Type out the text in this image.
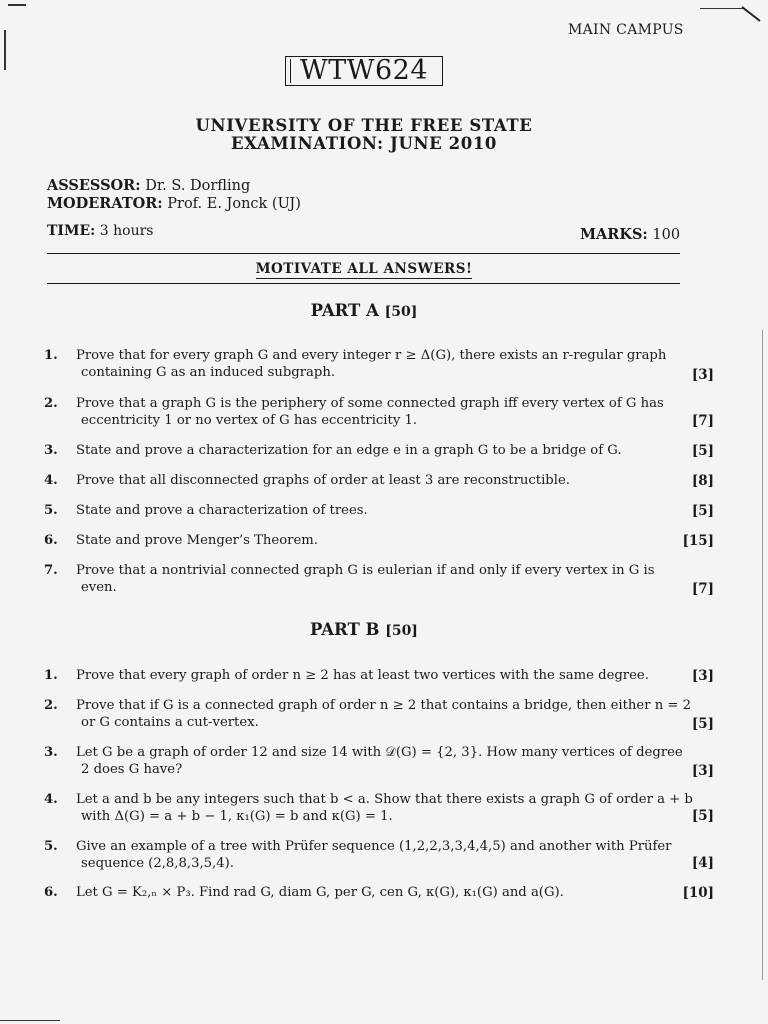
MAIN CAMPUS
WTW624
UNIVERSITY OF THE FREE STATE
EXAMINATION: JUNE 2010
ASSESSOR: Dr. S. Dorfling
MODERATOR: Prof. E. Jonck (UJ)
TIME: 3 hours	MARKS: 100
MOTIVATE ALL ANSWERS!
PART A [50]
1. Prove that for every graph G and every integer r ≥ Δ(G), there exists an r-regular graph
containing G as an induced subgraph.	[3]
2. Prove that a graph G is the periphery of some connected graph iff every vertex of G has
eccentricity 1 or no vertex of G has eccentricity 1.	[7]
3. State and prove a characterization for an edge e in a graph G to be a bridge of G.	[5]
4. Prove that all disconnected graphs of order at least 3 are reconstructible.	[8]
5. State and prove a characterization of trees.	[5]
6. State and prove Menger’s Theorem.	[15]
7. Prove that a nontrivial connected graph G is eulerian if and only if every vertex in G is
even.	[7]
PART B [50]
1. Prove that every graph of order n ≥ 2 has at least two vertices with the same degree.	[3]
2. Prove that if G is a connected graph of order n ≥ 2 that contains a bridge, then either n = 2
or G contains a cut-vertex.	[5]
3. Let G be a graph of order 12 and size 14 with 𝒟(G) = {2, 3}. How many vertices of degree
2 does G have?	[3]
4. Let a and b be any integers such that b < a. Show that there exists a graph G of order a + b
with Δ(G) = a + b − 1, κ₁(G) = b and κ(G) = 1.	[5]
5. Give an example of a tree with Prüfer sequence (1,2,2,3,3,4,4,5) and another with Prüfer
sequence (2,8,8,3,5,4).	[4]
6. Let G = K₂,ₙ × P₃. Find rad G, diam G, per G, cen G, κ(G), κ₁(G) and a(G).	[10]
